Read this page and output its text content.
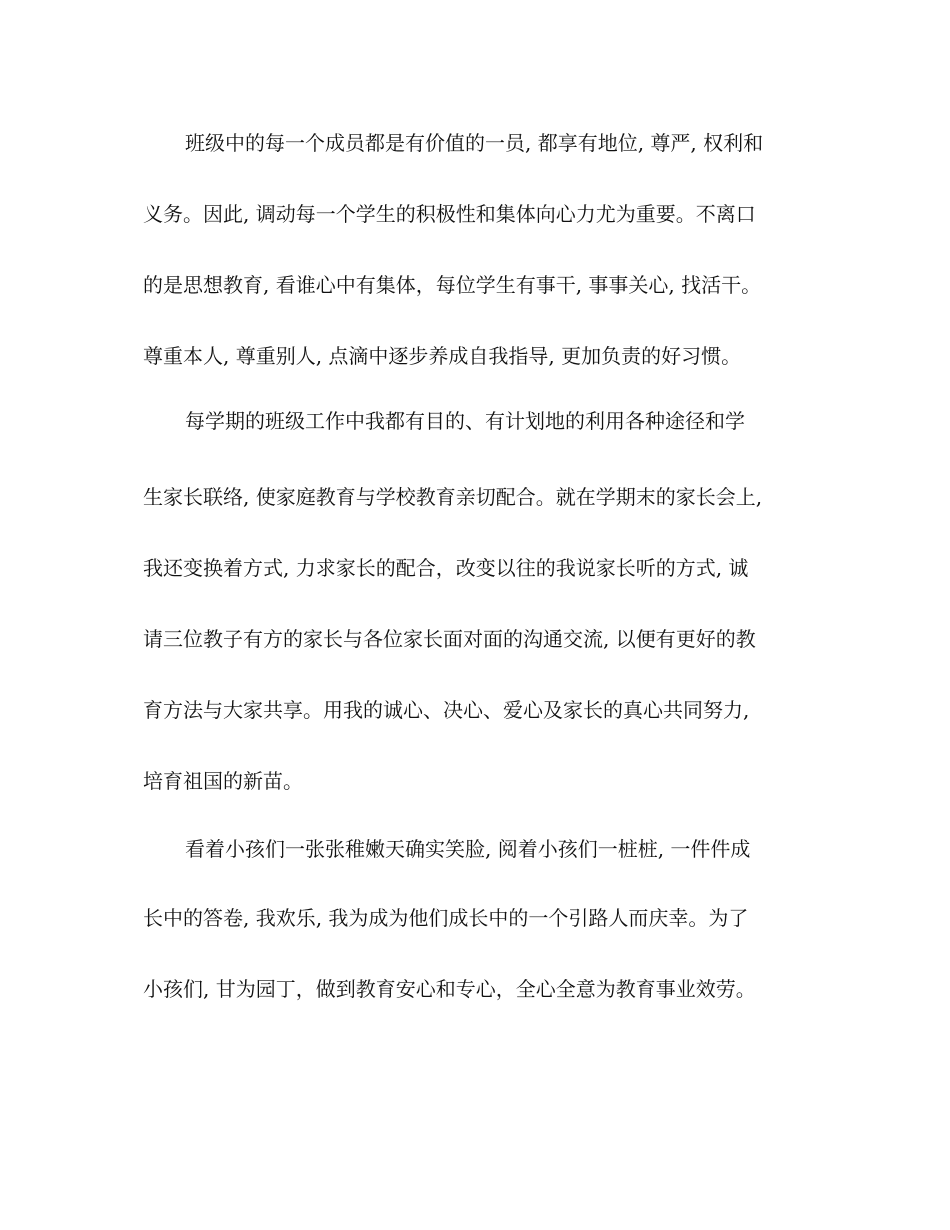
班级中的每一个成员都是有价值的一员, 都享有地位, 尊严, 权利和
义务。因此, 调动每一个学生的积极性和集体向心力尤为重要。不离口
的是思想教育, 看谁心中有集体，每位学生有事干, 事事关心, 找活干。
尊重本人, 尊重别人, 点滴中逐步养成自我指导, 更加负责的好习惯。
每学期的班级工作中我都有目的、有计划地的利用各种途径和学
生家长联络, 使家庭教育与学校教育亲切配合。就在学期末的家长会上,
我还变换着方式, 力求家长的配合，改变以往的我说家长听的方式, 诚
请三位教子有方的家长与各位家长面对面的沟通交流, 以便有更好的教
育方法与大家共享。用我的诚心、决心、爱心及家长的真心共同努力,
培育祖国的新苗。
看着小孩们一张张稚嫩天确实笑脸, 阅着小孩们一桩桩, 一件件成
长中的答卷, 我欢乐, 我为成为他们成长中的一个引路人而庆幸。为了
小孩们, 甘为园丁，做到教育安心和专心，全心全意为教育事业效劳。
